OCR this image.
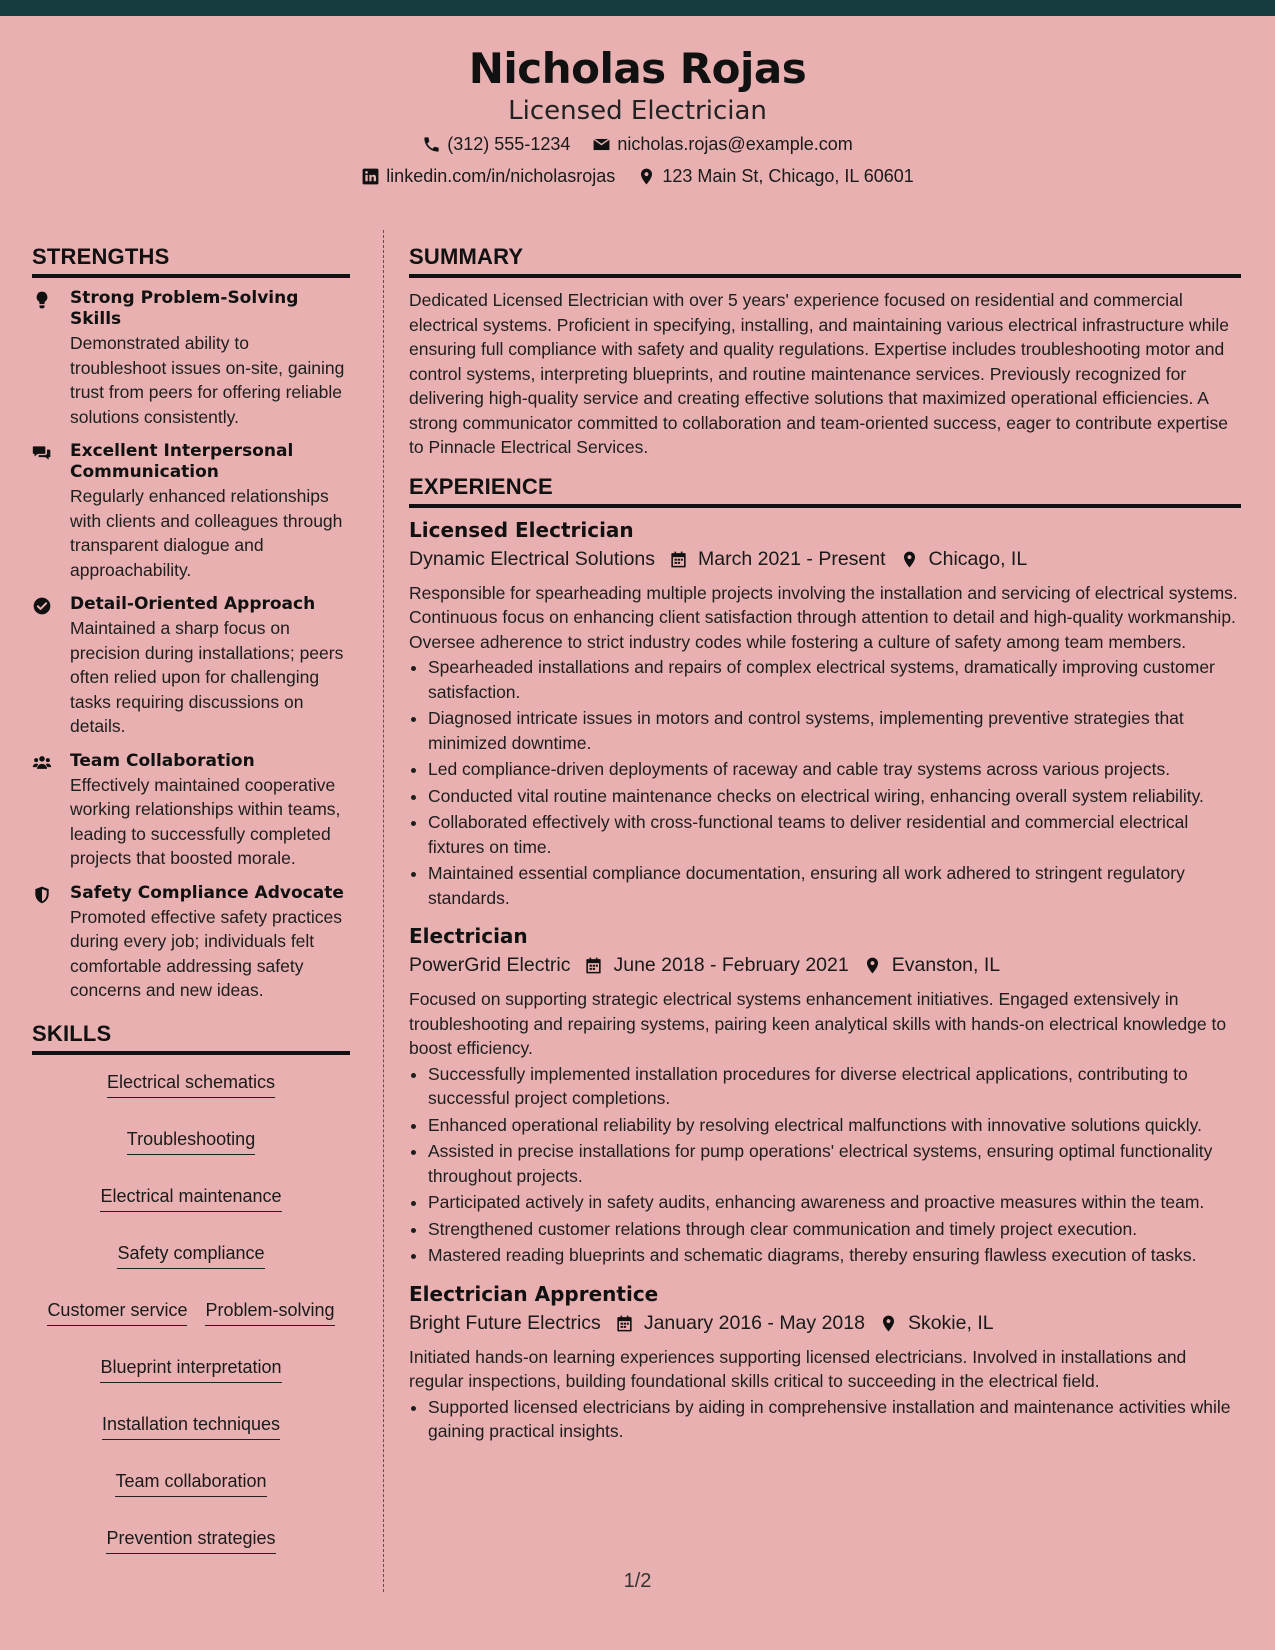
Nicholas Rojas
Licensed Electrician
(312) 555-1234	nicholas.rojas@example.com
linkedin.com/in/nicholasrojas	123 Main St, Chicago, IL 60601
STRENGTHS
Strong Problem-Solving Skills
Demonstrated ability to troubleshoot issues on-site, gaining trust from peers for offering reliable solutions consistently.
Excellent Interpersonal Communication
Regularly enhanced relationships with clients and colleagues through transparent dialogue and approachability.
Detail-Oriented Approach
Maintained a sharp focus on precision during installations; peers often relied upon for challenging tasks requiring discussions on details.
Team Collaboration
Effectively maintained cooperative working relationships within teams, leading to successfully completed projects that boosted morale.
Safety Compliance Advocate
Promoted effective safety practices during every job; individuals felt comfortable addressing safety concerns and new ideas.
SKILLS
Electrical schematics
Troubleshooting
Electrical maintenance
Safety compliance
Customer service Problem-solving
Blueprint interpretation
Installation techniques
Team collaboration
Prevention strategies
SUMMARY
Dedicated Licensed Electrician with over 5 years' experience focused on residential and commercial electrical systems. Proficient in specifying, installing, and maintaining various electrical infrastructure while ensuring full compliance with safety and quality regulations. Expertise includes troubleshooting motor and control systems, interpreting blueprints, and routine maintenance services. Previously recognized for delivering high-quality service and creating effective solutions that maximized operational efficiencies. A strong communicator committed to collaboration and team-oriented success, eager to contribute expertise to Pinnacle Electrical Services.
EXPERIENCE
Licensed Electrician
Dynamic Electrical Solutions March 2021 - Present Chicago, IL
Responsible for spearheading multiple projects involving the installation and servicing of electrical systems. Continuous focus on enhancing client satisfaction through attention to detail and high-quality workmanship. Oversee adherence to strict industry codes while fostering a culture of safety among team members.
• Spearheaded installations and repairs of complex electrical systems, dramatically improving customer satisfaction.
• Diagnosed intricate issues in motors and control systems, implementing preventive strategies that minimized downtime.
• Led compliance-driven deployments of raceway and cable tray systems across various projects.
• Conducted vital routine maintenance checks on electrical wiring, enhancing overall system reliability.
• Collaborated effectively with cross-functional teams to deliver residential and commercial electrical fixtures on time.
• Maintained essential compliance documentation, ensuring all work adhered to stringent regulatory standards.
Electrician
PowerGrid Electric June 2018 - February 2021 Evanston, IL
Focused on supporting strategic electrical systems enhancement initiatives. Engaged extensively in troubleshooting and repairing systems, pairing keen analytical skills with hands-on electrical knowledge to boost efficiency.
• Successfully implemented installation procedures for diverse electrical applications, contributing to successful project completions.
• Enhanced operational reliability by resolving electrical malfunctions with innovative solutions quickly.
• Assisted in precise installations for pump operations' electrical systems, ensuring optimal functionality throughout projects.
• Participated actively in safety audits, enhancing awareness and proactive measures within the team.
• Strengthened customer relations through clear communication and timely project execution.
• Mastered reading blueprints and schematic diagrams, thereby ensuring flawless execution of tasks.
Electrician Apprentice
Bright Future Electrics January 2016 - May 2018 Skokie, IL
Initiated hands-on learning experiences supporting licensed electricians. Involved in installations and regular inspections, building foundational skills critical to succeeding in the electrical field.
• Supported licensed electricians by aiding in comprehensive installation and maintenance activities while gaining practical insights.
1/2
